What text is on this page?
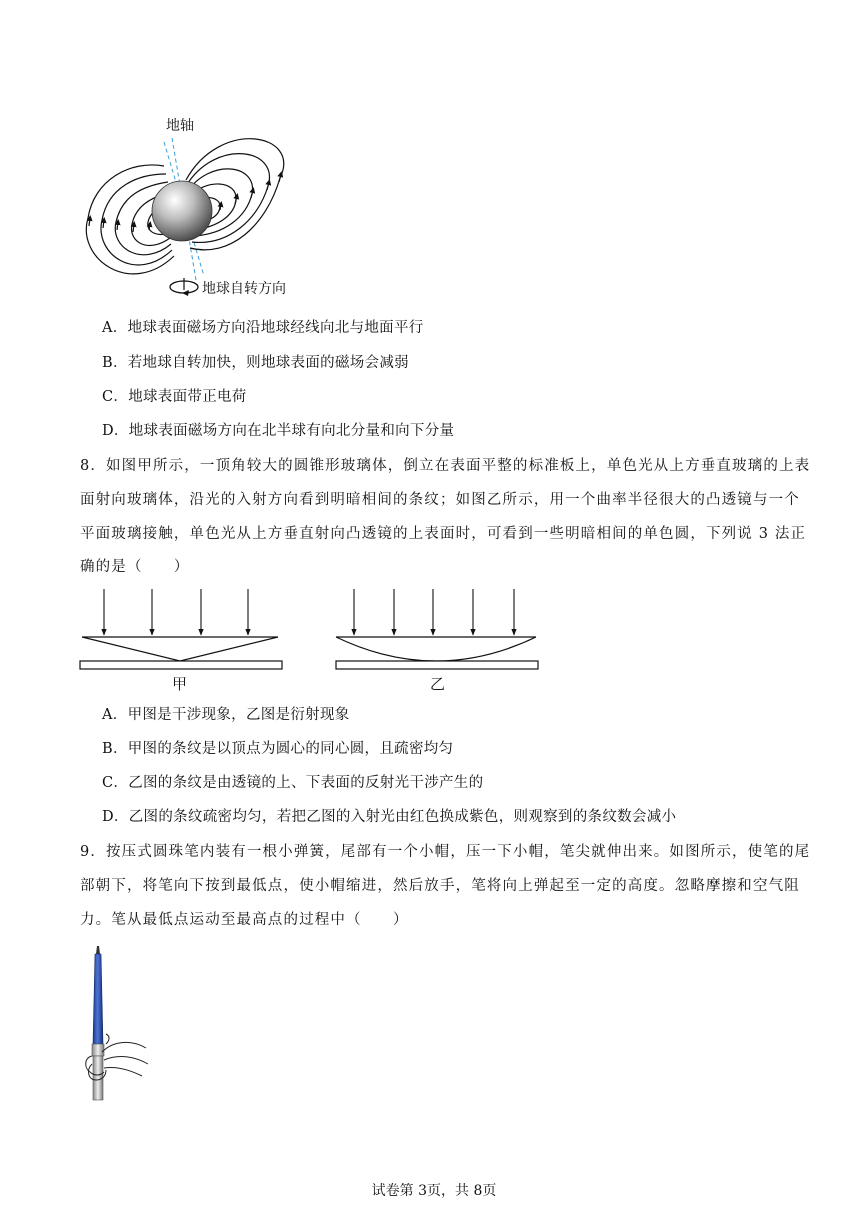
地轴
地球自转方向
A．地球表面磁场方向沿地球经线向北与地面平行
B．若地球自转加快，则地球表面的磁场会减弱
C．地球表面带正电荷
D．地球表面磁场方向在北半球有向北分量和向下分量
8．如图甲所示，一顶角较大的圆锥形玻璃体，倒立在表面平整的标准板上，单色光从上方垂直玻璃的上表
面射向玻璃体，沿光的入射方向看到明暗相间的条纹；如图乙所示，用一个曲率半径很大的凸透镜与一个
平面玻璃接触，单色光从上方垂直射向凸透镜的上表面时，可看到一些明暗相间的单色圆，下列说 3 法正
确的是（　　）
甲	乙
A．甲图是干涉现象，乙图是衍射现象
B．甲图的条纹是以顶点为圆心的同心圆，且疏密均匀
C．乙图的条纹是由透镜的上、下表面的反射光干涉产生的
D．乙图的条纹疏密均匀，若把乙图的入射光由红色换成紫色，则观察到的条纹数会减小
9．按压式圆珠笔内装有一根小弹簧，尾部有一个小帽，压一下小帽，笔尖就伸出来。如图所示，使笔的尾
部朝下，将笔向下按到最低点，使小帽缩进，然后放手，笔将向上弹起至一定的高度。忽略摩擦和空气阻
力。笔从最低点运动至最高点的过程中（　　）
试卷第 3页，共 8页
